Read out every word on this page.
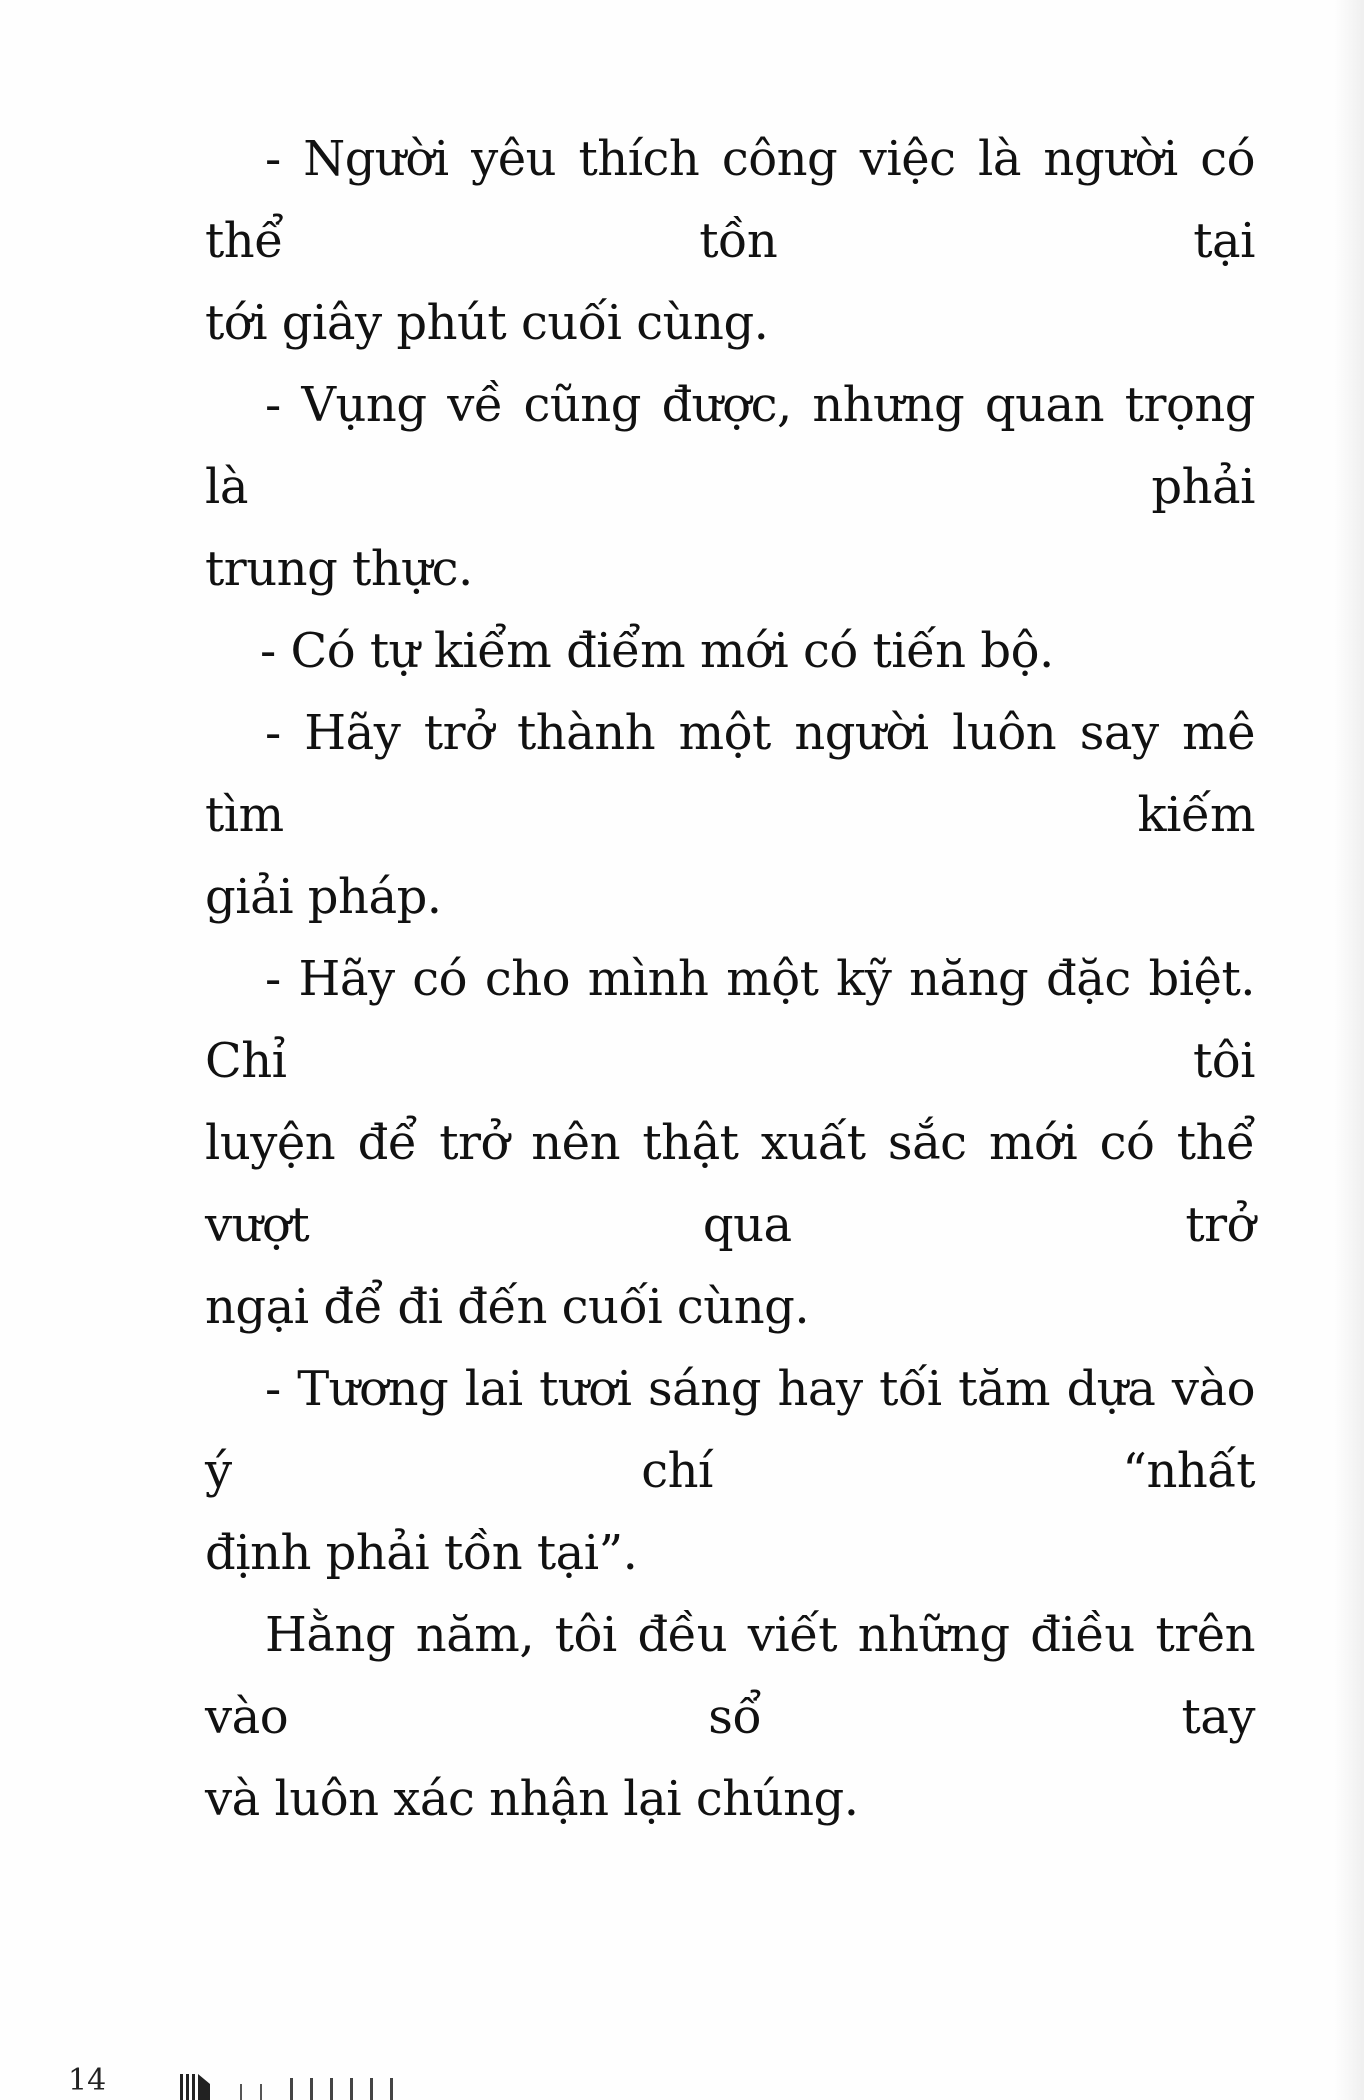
- Người yêu thích công việc là người có thể tồn tại
tới giây phút cuối cùng.

- Vụng về cũng được, nhưng quan trọng là phải
trung thực.

- Có tự kiểm điểm mới có tiến bộ.

- Hãy trở thành một người luôn say mê tìm kiếm
giải pháp.

- Hãy có cho mình một kỹ năng đặc biệt. Chỉ tôi
luyện để trở nên thật xuất sắc mới có thể vượt qua trở
ngại để đi đến cuối cùng.

- Tương lai tươi sáng hay tối tăm dựa vào ý chí “nhất
định phải tồn tại”.

Hằng năm, tôi đều viết những điều trên vào sổ tay
và luôn xác nhận lại chúng.

14
